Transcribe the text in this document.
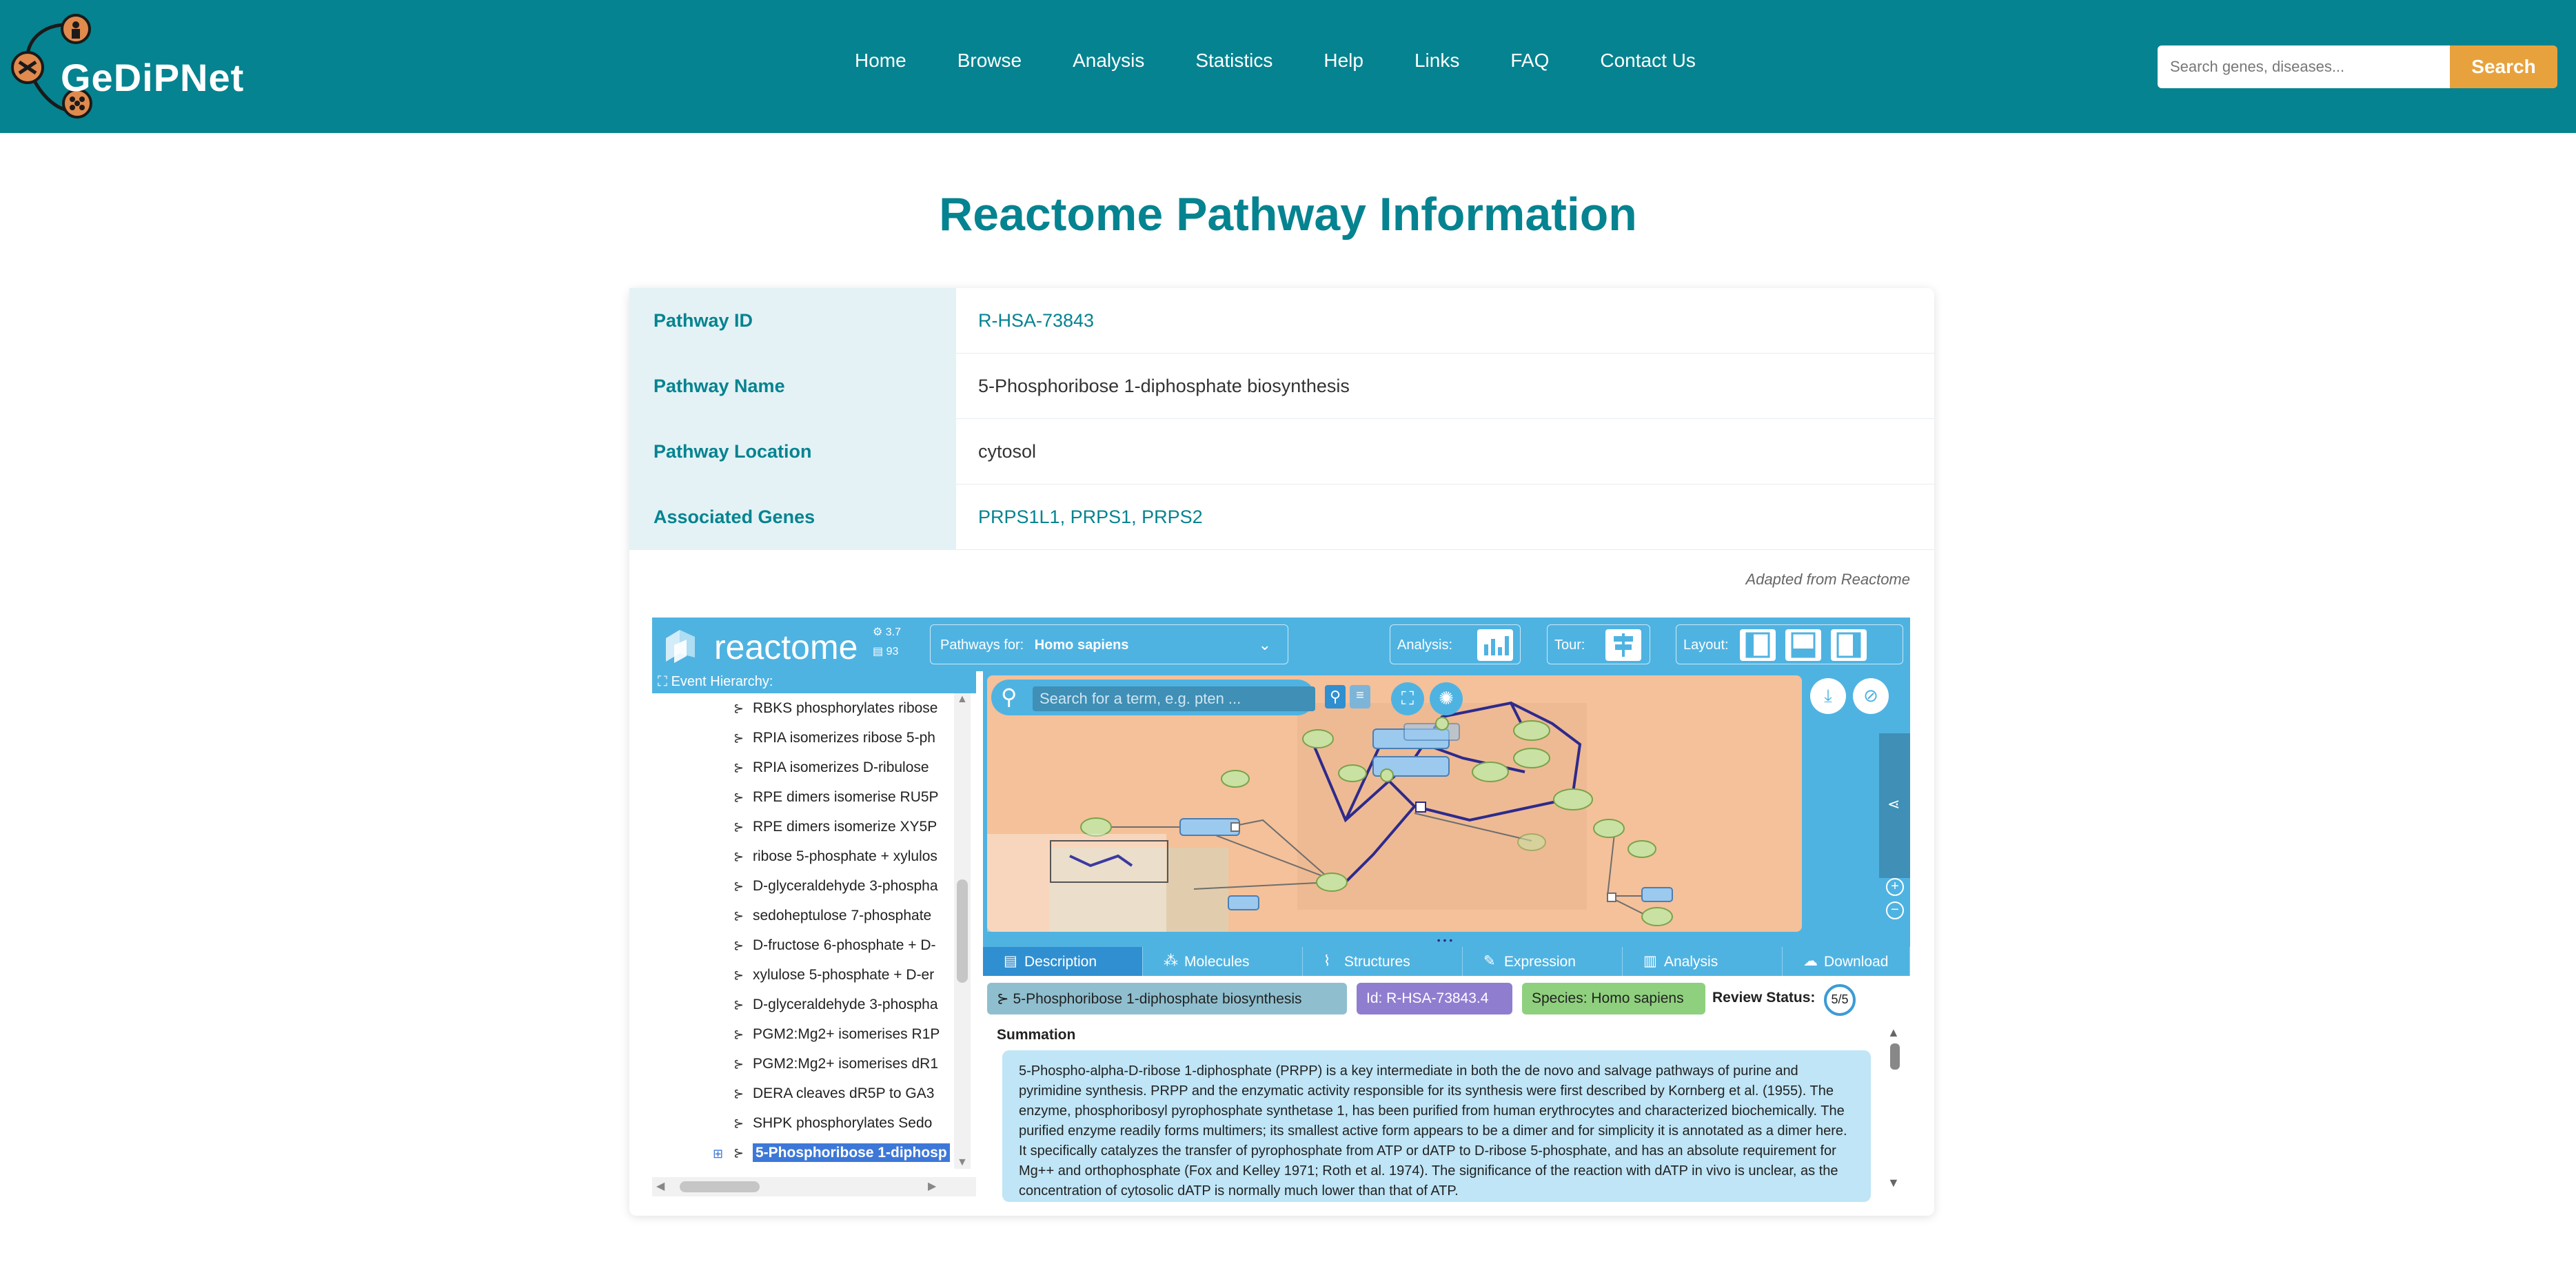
GeDiPNet	Home	Browse	Analysis	Statistics	Help	Links	FAQ	Contact Us
Search genes, diseases...	Search
Reactome Pathway Information
Pathway ID	R-HSA-73843
Pathway Name	5-Phosphoribose 1-diphosphate biosynthesis
Pathway Location	cytosol
Associated Genes	PRPS1L1, PRPS1, PRPS2
Adapted from Reactome
reactome ⚙ 3.7
▤ 93	Pathways for: Homo sapiens	⌄	Analysis:	Tour:	Layout:
⛶ Event Hierarchy:
⊱ RBKS phosphorylates ribose
⊱ RPIA isomerizes ribose 5-ph
⊱ RPIA isomerizes D-ribulose
⊱ RPE dimers isomerise RU5P
⊱ RPE dimers isomerize XY5P
⊱ ribose 5-phosphate + xylulos
⊱ D-glyceraldehyde 3-phospha
⊱ sedoheptulose 7-phosphate
⊱ D-fructose 6-phosphate + D-
⊱ xylulose 5-phosphate + D-er
⊱ D-glyceraldehyde 3-phospha
⊱ PGM2:Mg2+ isomerises R1P
⊱ PGM2:Mg2+ isomerises dR1
⊱ DERA cleaves dR5P to GA3
⊱ SHPK phosphorylates Sedo
⊞ ⊱ 5-Phosphoribose 1-diphosp
▲
▼
◀	▶
⚲
Search for a term, e.g. pten ...	⚲	≡	⛶	✺
✥
⤓	⊘
⋖
+
−
• • •
▤ Description	⁂ Molecules	⌇ Structures	✎ Expression	▥ Analysis	☁ Download
⊱ 5-Phosphoribose 1-diphosphate biosynthesis	Id: R-HSA-73843.4	Species: Homo sapiens	Review Status:	5/5
Summation
5-Phospho-alpha-D-ribose 1-diphosphate (PRPP) is a key intermediate in both the de novo and salvage pathways of purine and pyrimidine synthesis. PRPP and the enzymatic activity responsible for its synthesis were first described by Kornberg et al. (1955). The enzyme, phosphoribosyl pyrophosphate synthetase 1, has been purified from human erythrocytes and characterized biochemically. The purified enzyme readily forms multimers; its smallest active form appears to be a dimer and for simplicity it is annotated as a dimer here. It specifically catalyzes the transfer of pyrophosphate from ATP or dATP to D-ribose 5-phosphate, and has an absolute requirement for Mg++ and orthophosphate (Fox and Kelley 1971; Roth et al. 1974). The significance of the reaction with dATP in vivo is unclear, as the concentration of cytosolic dATP is normally much lower than that of ATP.
▲
▼
